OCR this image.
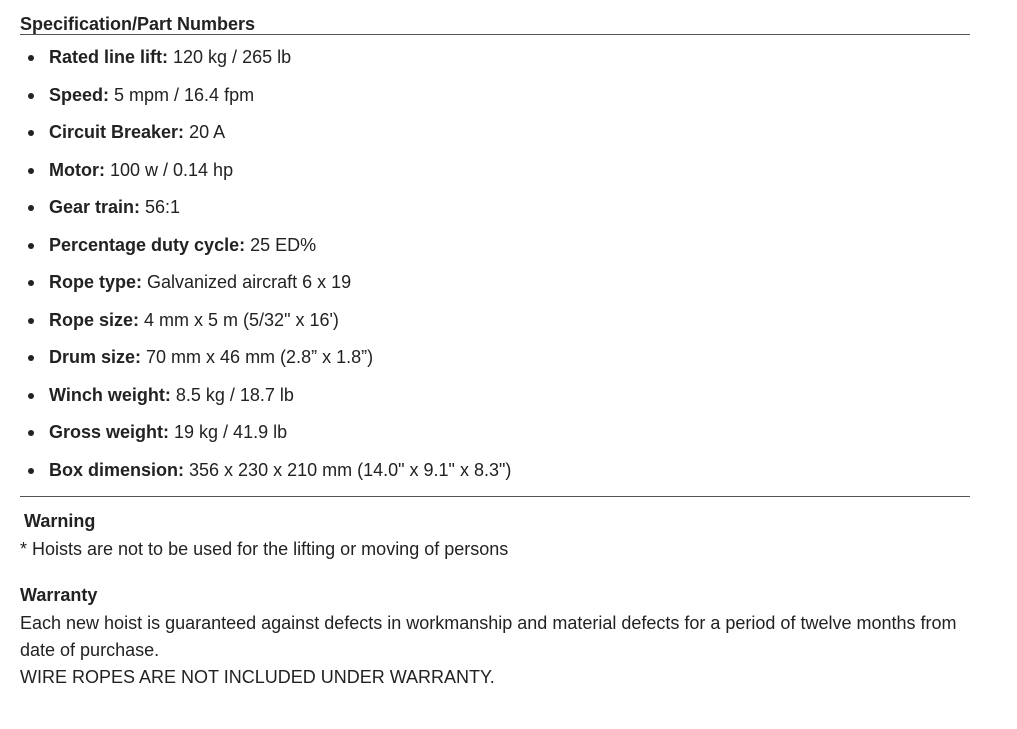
Specification/Part Numbers
Rated line lift: 120 kg / 265 lb
Speed: 5 mpm / 16.4 fpm
Circuit Breaker: 20 A
Motor: 100 w / 0.14 hp
Gear train: 56:1
Percentage duty cycle: 25 ED%
Rope type: Galvanized aircraft 6 x 19
Rope size: 4 mm x 5 m (5/32" x 16')
Drum size: 70 mm x 46 mm (2.8” x 1.8”)
Winch weight: 8.5 kg / 18.7 lb
Gross weight: 19 kg / 41.9 lb
Box dimension: 356 x 230 x 210 mm (14.0" x 9.1" x 8.3")
Warning

* Hoists are not to be used for the lifting or moving of persons

Warranty

Each new hoist is guaranteed against defects in workmanship and material defects for a period of twelve months from date of purchase.

WIRE ROPES ARE NOT INCLUDED UNDER WARRANTY.
